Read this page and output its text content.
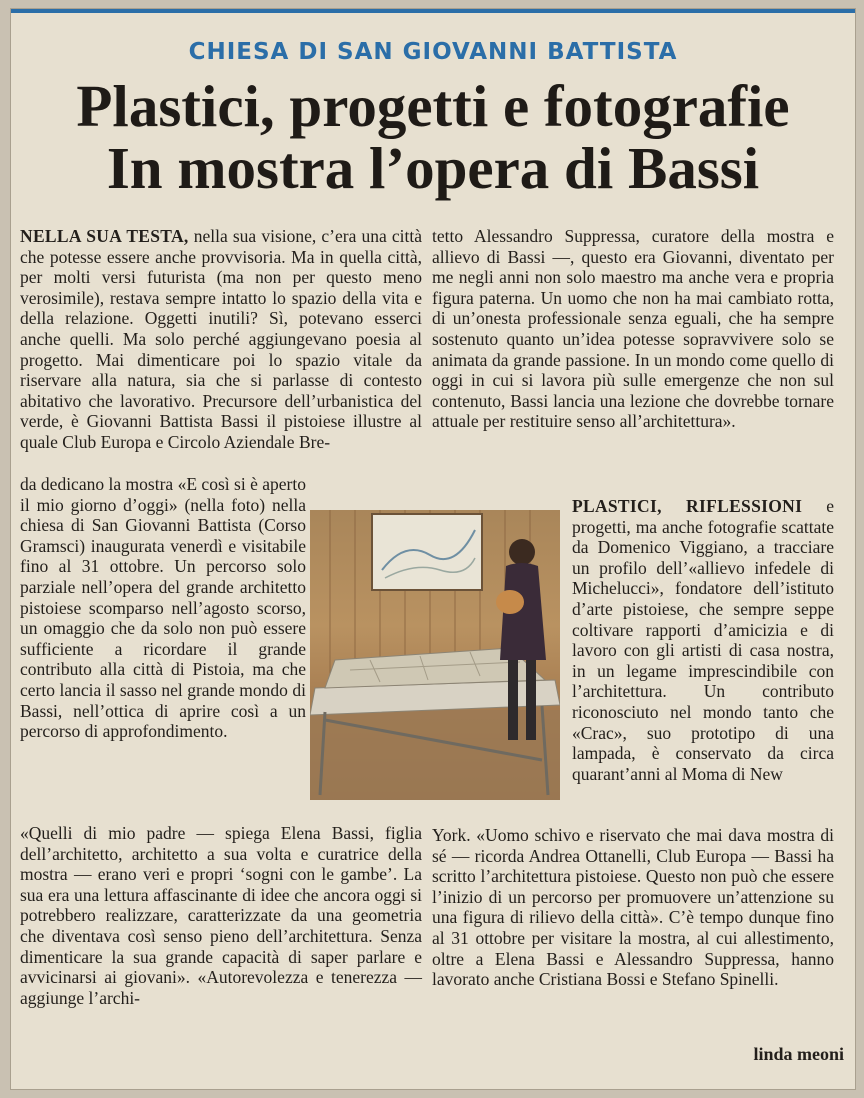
CHIESA DI SAN GIOVANNI BATTISTA
Plastici, progetti e fotografie
In mostra l’opera di Bassi

NELLA SUA TESTA, nella sua visione, c’era una città che potesse essere anche provvisoria. Ma in quella città, per molti versi futurista (ma non per questo meno verosimile), restava sempre intatto lo spazio della vita e della relazione. Oggetti inutili? Sì, potevano esserci anche quelli. Ma solo perché aggiungevano poesia al progetto. Mai dimenticare poi lo spazio vitale da riservare alla natura, sia che si parlasse di contesto abitativo che lavorativo. Precursore dell’urbanistica del verde, è Giovanni Battista Bassi il pistoiese illustre al quale Club Europa e Circolo Aziendale Bre-

da dedicano la mostra «E così si è aperto il mio giorno d’oggi» (nella foto) nella chiesa di San Giovanni Battista (Corso Gramsci) inaugurata venerdì e visitabile fino al 31 ottobre. Un percorso solo parziale nell’opera del grande architetto pistoiese scomparso nell’agosto scorso, un omaggio che da solo non può essere sufficiente a ricordare il grande contributo alla città di Pistoia, ma che certo lancia il sasso nel grande mondo di Bassi, nell’ottica di aprire così a un percorso di approfondimento.

«Quelli di mio padre — spiega Elena Bassi, figlia dell’architetto, architetto a sua volta e curatrice della mostra — erano veri e propri ‘sogni con le gambe’. La sua era una lettura affascinante di idee che ancora oggi si potrebbero realizzare, caratterizzate da una geometria che diventava così senso pieno dell’architettura. Senza dimenticare la sua grande capacità di saper parlare e avvicinarsi ai giovani». «Autorevolezza e tenerezza — aggiunge l’archi-

tetto Alessandro Suppressa, curatore della mostra e allievo di Bassi —, questo era Giovanni, diventato per me negli anni non solo maestro ma anche vera e propria figura paterna. Un uomo che non ha mai cambiato rotta, di un’onesta professionale senza eguali, che ha sempre sostenuto quanto un’idea potesse sopravvivere solo se animata da grande passione. In un mondo come quello di oggi in cui si lavora più sulle emergenze che non sul contenuto, Bassi lancia una lezione che dovrebbe tornare attuale per restituire senso all’architettura».

PLASTICI, RIFLESSIONI e progetti, ma anche fotografie scattate da Domenico Viggiano, a tracciare un profilo dell’«allievo infedele di Michelucci», fondatore dell’istituto d’arte pistoiese, che sempre seppe coltivare rapporti d’amicizia e di lavoro con gli artisti di casa nostra, in un legame imprescindibile con l’architettura. Un contributo riconosciuto nel mondo tanto che «Crac», suo prototipo di una lampada, è conservato da circa quarant’anni al Moma di New

York. «Uomo schivo e riservato che mai dava mostra di sé — ricorda Andrea Ottanelli, Club Europa — Bassi ha scritto l’architettura pistoiese. Questo non può che essere l’inizio di un percorso per promuovere un’attenzione su una figura di rilievo della città». C’è tempo dunque fino al 31 ottobre per visitare la mostra, al cui allestimento, oltre a Elena Bassi e Alessandro Suppressa, hanno lavorato anche Cristiana Bossi e Stefano Spinelli.

linda meoni
